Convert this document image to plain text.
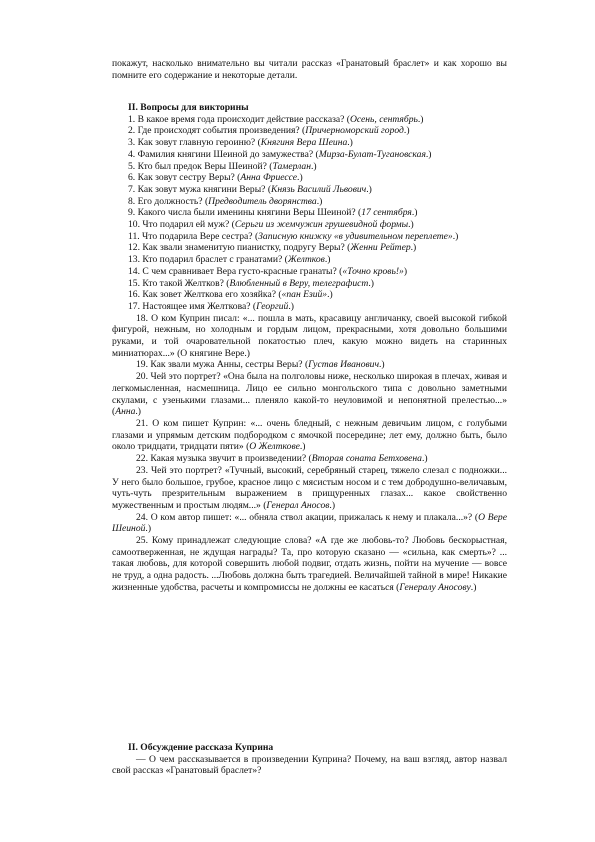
покажут, насколько внимательно вы читали рассказ «Гранатовый браслет» и как хорошо вы помните его содержание и некоторые детали.

II. Вопросы для викторины

1. В какое время года происходит действие рассказа? (Осень, сентябрь.)

2. Где происходят события произведения? (Причерноморский город.)

3. Как зовут главную героиню? (Княгиня Вера Шеина.)

4. Фамилия княгини Шеиной до замужества? (Мирза-Булат-Тугановская.)

5. Кто был предок Веры Шеиной? (Тамерлан.)

6. Как зовут сестру Веры? (Анна Фриессе.)

7. Как зовут мужа княгини Веры? (Князь Василий Львович.)

8. Его должность? (Предводитель дворянства.)

9. Какого числа были именины княгини Веры Шеиной? (17 сентября.)

10. Что подарил ей муж? (Серьги из жемчужин грушевидной формы.)

11. Что подарила Вере сестра? (Записную книжку «в удивительном переплете».)

12. Как звали знаменитую пианистку, подругу Веры? (Женни Рейтер.)

13. Кто подарил браслет с гранатами? (Желтков.)

14. С чем сравнивает Вера густо-красные гранаты? («Точно кровь!»)

15. Кто такой Желтков? (Влюбленный в Веру, телеграфист.)

16. Как зовет Желткова его хозяйка? («пан Езий».)

17. Настоящее имя Желткова? (Георгий.)

18. О ком Куприн писал: «... пошла в мать, красавицу англичанку, своей высокой гибкой фигурой, нежным, но холодным и гордым лицом, прекрасными, хотя довольно большими руками, и той очаровательной покатостью плеч, какую можно видеть на старинных миниатюрах...» (О княгине Вере.)

19. Как звали мужа Анны, сестры Веры? (Густав Иванович.)

20. Чей это портрет? «Она была на полголовы ниже, несколько широкая в плечах, живая и легкомысленная, насмешница. Лицо ее сильно монгольского типа с довольно заметными скулами, с узенькими глазами... пленяло какой-то неуловимой и непонятной прелестью...» (Анна.)

21. О ком пишет Куприн: «... очень бледный, с нежным девичьим лицом, с голубыми глазами и упрямым детским подбородком с ямочкой посередине; лет ему, должно быть, было около тридцати, тридцати пяти» (О Желткове.)

22. Какая музыка звучит в произведении? (Вторая соната Бетховена.)

23. Чей это портрет? «Тучный, высокий, серебряный старец, тяжело слезал с подножки... У него было большое, грубое, красное лицо с мясистым носом и с тем добродушно-величавым, чуть-чуть презрительным выражением в прищуренных глазах... какое свойственно мужественным и простым людям...» (Генерал Аносов.)

24. О ком автор пишет: «... обняла ствол акации, прижалась к нему и плакала...»? (О Вере Шеиной.)

25. Кому принадлежат следующие слова? «А где же любовь-то? Любовь бескорыстная, самоотверженная, не ждущая награды? Та, про которую сказано — «сильна, как смерть»? ... такая любовь, для которой совершить любой подвиг, отдать жизнь, пойти на мучение — вовсе не труд, а одна радость. ...Любовь должна быть трагедией. Величайшей тайной в мире! Никакие жизненные удобства, расчеты и компромиссы не должны ее касаться (Генералу Аносову.)

II. Обсуждение рассказа Куприна

— О чем рассказывается в произведении Куприна? Почему, на ваш взгляд, автор назвал свой рассказ «Гранатовый браслет»?
